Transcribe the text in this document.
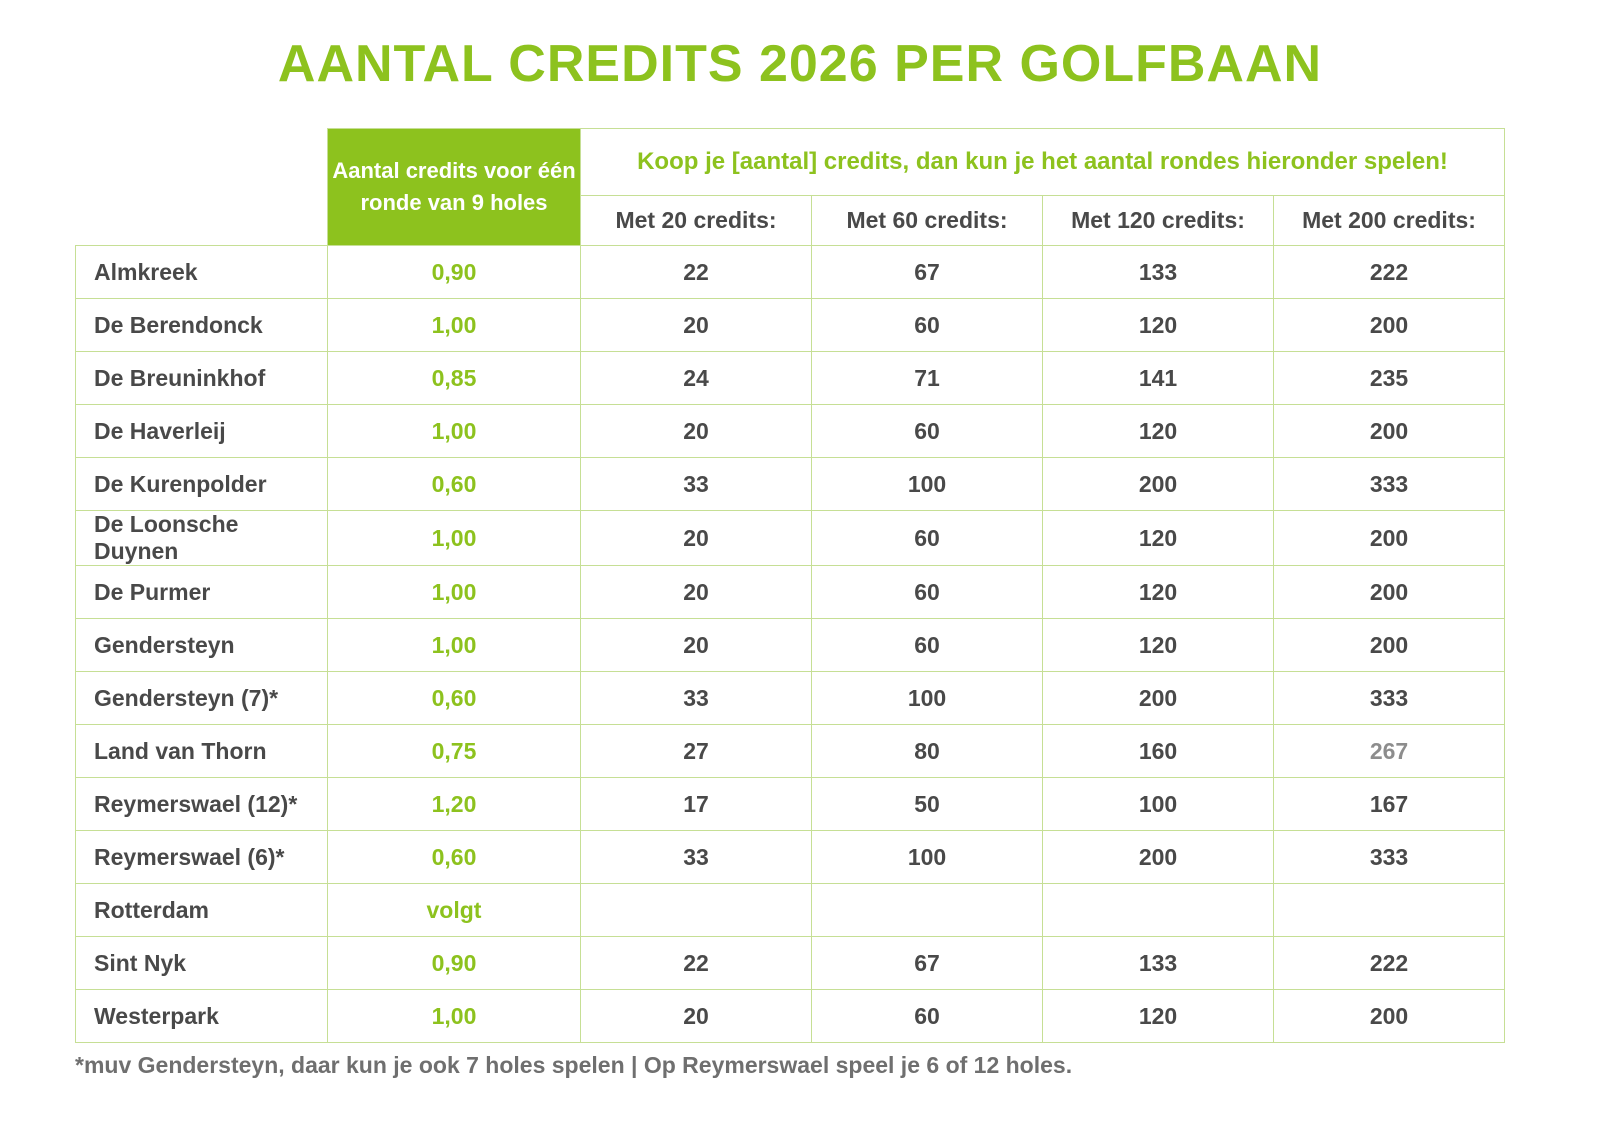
AANTAL CREDITS 2026 PER GOLFBAAN
	Aantal credits voor één ronde van 9 holes	Koop je [aantal] credits, dan kun je het aantal rondes hieronder spelen!			
		Met 20 credits:	Met 60 credits:	Met 120 credits:	Met 200 credits:
Almkreek	0,90	22	67	133	222
De Berendonck	1,00	20	60	120	200
De Breuninkhof	0,85	24	71	141	235
De Haverleij	1,00	20	60	120	200
De Kurenpolder	0,60	33	100	200	333
De Loonsche Duynen	1,00	20	60	120	200
De Purmer	1,00	20	60	120	200
Gendersteyn	1,00	20	60	120	200
Gendersteyn (7)*	0,60	33	100	200	333
Land van Thorn	0,75	27	80	160	267
Reymerswael (12)*	1,20	17	50	100	167
Reymerswael (6)*	0,60	33	100	200	333
Rotterdam	volgt				
Sint Nyk	0,90	22	67	133	222
Westerpark	1,00	20	60	120	200

*muv Gendersteyn, daar kun je ook 7 holes spelen | Op Reymerswael speel je 6 of 12 holes.
